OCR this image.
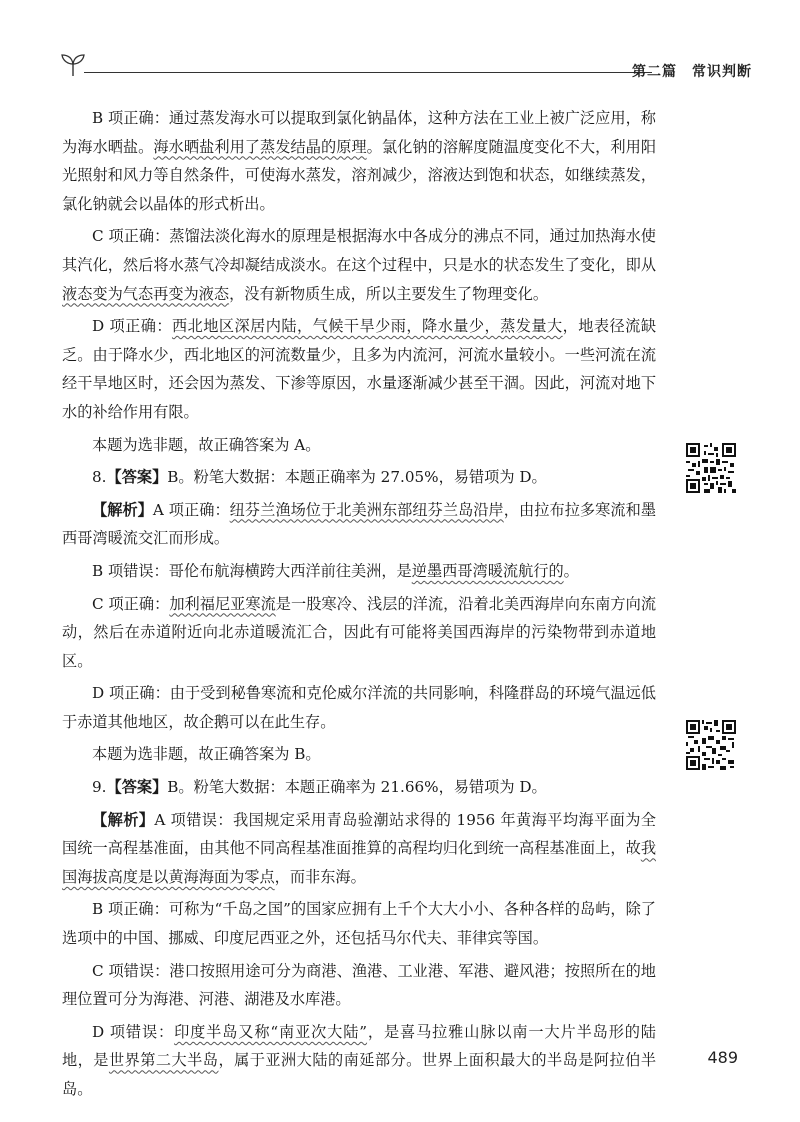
第二篇　常识判断

B 项正确：通过蒸发海水可以提取到氯化钠晶体，这种方法在工业上被广泛应用，称为海水晒盐。海水晒盐利用了蒸发结晶的原理。氯化钠的溶解度随温度变化不大，利用阳光照射和风力等自然条件，可使海水蒸发，溶剂减少，溶液达到饱和状态，如继续蒸发，氯化钠就会以晶体的形式析出。

C 项正确：蒸馏法淡化海水的原理是根据海水中各成分的沸点不同，通过加热海水使其汽化，然后将水蒸气冷却凝结成淡水。在这个过程中，只是水的状态发生了变化，即从液态变为气态再变为液态，没有新物质生成，所以主要发生了物理变化。

D 项正确：西北地区深居内陆，气候干旱少雨，降水量少，蒸发量大，地表径流缺乏。由于降水少，西北地区的河流数量少，且多为内流河，河流水量较小。一些河流在流经干旱地区时，还会因为蒸发、下渗等原因，水量逐渐减少甚至干涸。因此，河流对地下水的补给作用有限。

本题为选非题，故正确答案为 A。

8.【答案】B。粉笔大数据：本题正确率为 27.05%，易错项为 D。

【解析】A 项正确：纽芬兰渔场位于北美洲东部纽芬兰岛沿岸，由拉布拉多寒流和墨西哥湾暖流交汇而形成。

B 项错误：哥伦布航海横跨大西洋前往美洲，是逆墨西哥湾暖流航行的。

C 项正确：加利福尼亚寒流是一股寒冷、浅层的洋流，沿着北美西海岸向东南方向流动，然后在赤道附近向北赤道暖流汇合，因此有可能将美国西海岸的污染物带到赤道地区。

D 项正确：由于受到秘鲁寒流和克伦威尔洋流的共同影响，科隆群岛的环境气温远低于赤道其他地区，故企鹅可以在此生存。

本题为选非题，故正确答案为 B。

9.【答案】B。粉笔大数据：本题正确率为 21.66%，易错项为 D。

【解析】A 项错误：我国规定采用青岛验潮站求得的 1956 年黄海平均海平面为全国统一高程基准面，由其他不同高程基准面推算的高程均归化到统一高程基准面上，故我国海拔高度是以黄海海面为零点，而非东海。

B 项正确：可称为“千岛之国”的国家应拥有上千个大大小小、各种各样的岛屿，除了选项中的中国、挪威、印度尼西亚之外，还包括马尔代夫、菲律宾等国。

C 项错误：港口按照用途可分为商港、渔港、工业港、军港、避风港；按照所在的地理位置可分为海港、河港、湖港及水库港。

D 项错误：印度半岛又称“南亚次大陆”，是喜马拉雅山脉以南一大片半岛形的陆地，是世界第二大半岛，属于亚洲大陆的南延部分。世界上面积最大的半岛是阿拉伯半岛。

489
